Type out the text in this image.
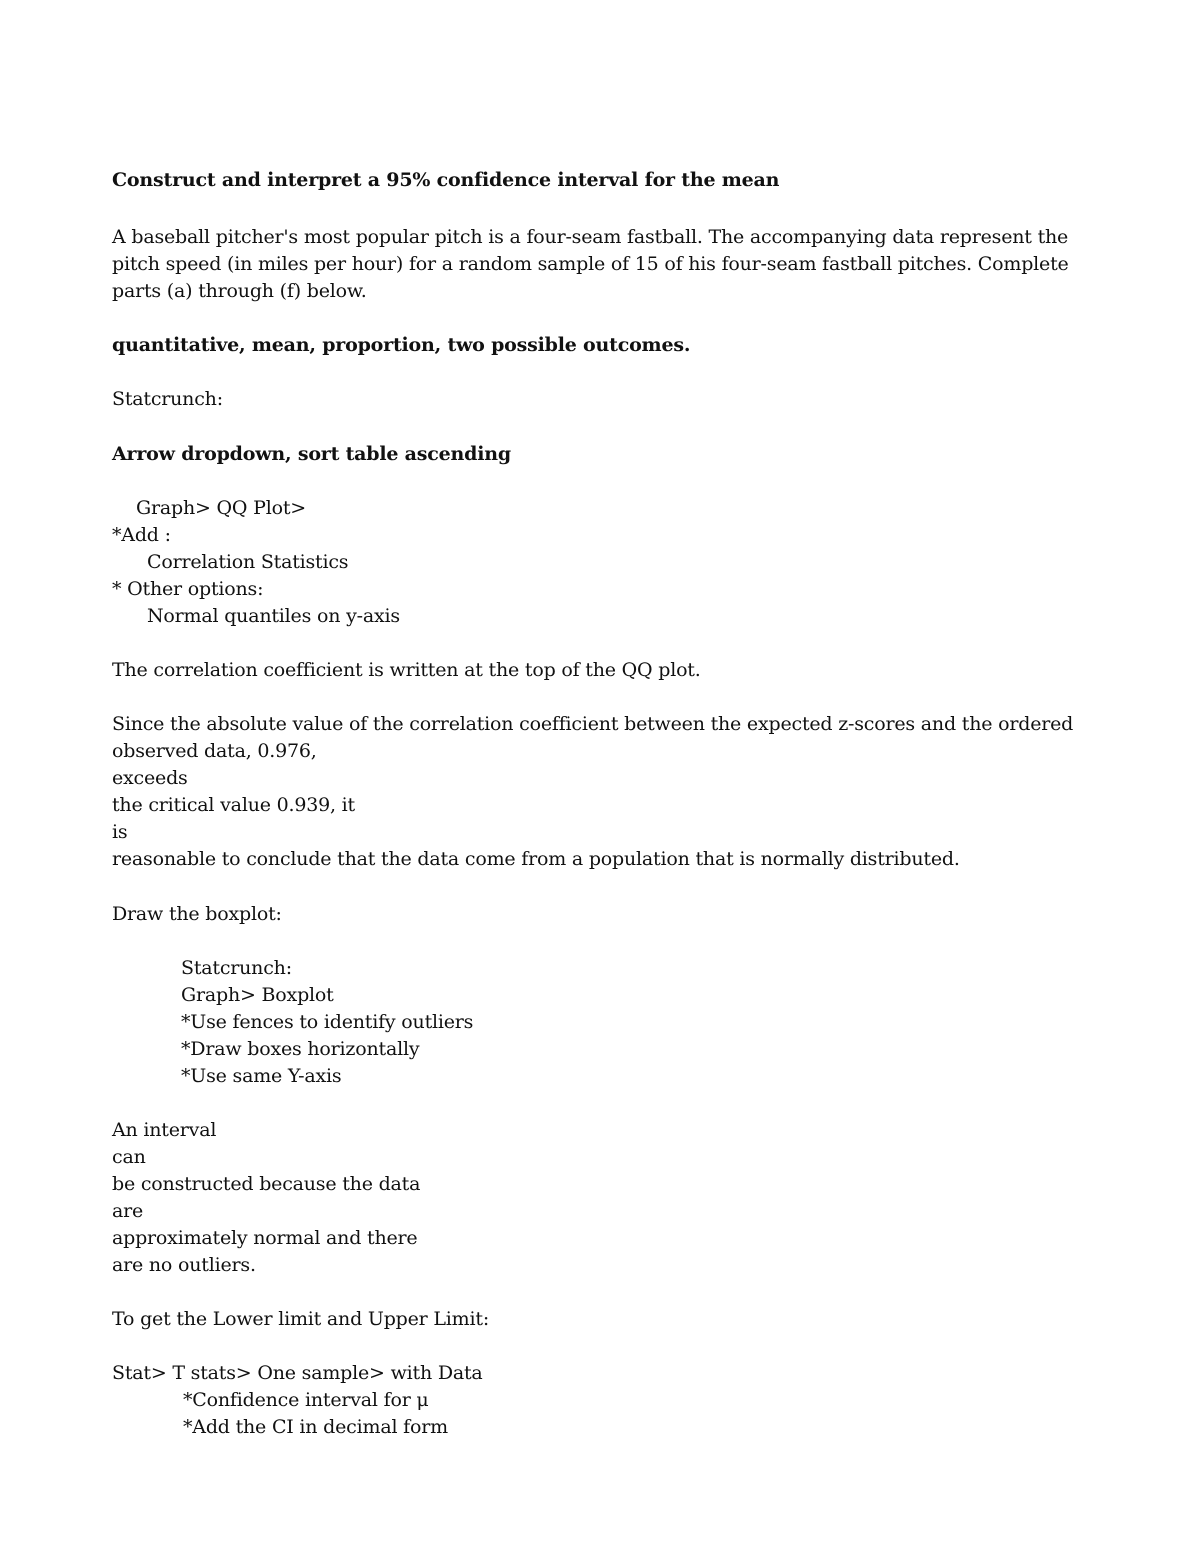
Construct and interpret a 95% confidence interval for the mean

A baseball pitcher's most popular pitch is a four-seam fastball. The accompanying data represent the

pitch speed (in miles per hour) for a random sample of 15 of his four-seam fastball pitches. Complete

parts (a) through (f) below.

quantitative, mean, proportion, two possible outcomes.

Statcrunch:

Arrow dropdown, sort table ascending

Graph> QQ Plot>

*Add :

Correlation Statistics

* Other options:

Normal quantiles on y-axis

The correlation coefficient is written at the top of the QQ plot.

Since the absolute value of the correlation coefficient between the expected z-scores and the ordered

observed data, 0.976,

exceeds

the critical value 0.939, it

is

reasonable to conclude that the data come from a population that is normally distributed.

Draw the boxplot:

Statcrunch:

Graph> Boxplot

*Use fences to identify outliers

*Draw boxes horizontally

*Use same Y-axis

An interval

can

be constructed because the data

are

approximately normal and there

are no outliers.

To get the Lower limit and Upper Limit:

Stat> T stats> One sample> with Data

*Confidence interval for μ

*Add the CI in decimal form
